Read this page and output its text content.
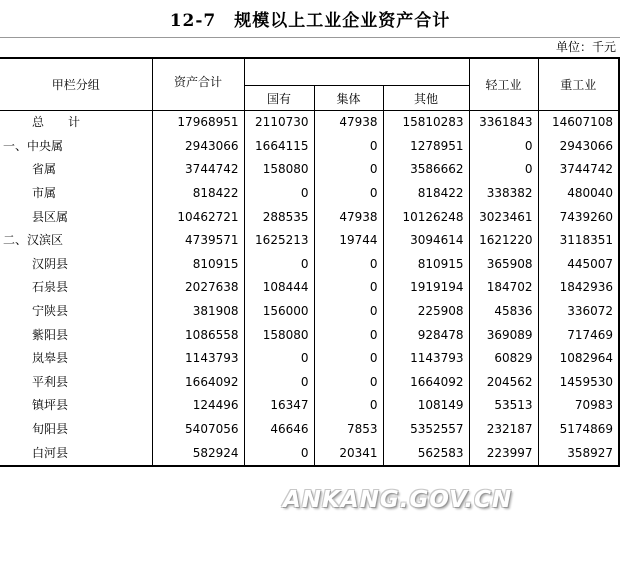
12-7 规模以上工业企业资产合计
单位：千元
甲栏分组	资产合计				轻工业	重工业
		国有	集体	其他		
总　　计	17968951	2110730	47938	15810283	3361843	14607108
一、中央属	2943066	1664115	0	1278951	0	2943066
省属	3744742	158080	0	3586662	0	3744742
市属	818422	0	0	818422	338382	480040
县区属	10462721	288535	47938	10126248	3023461	7439260
二、汉滨区	4739571	1625213	19744	3094614	1621220	3118351
汉阴县	810915	0	0	810915	365908	445007
石泉县	2027638	108444	0	1919194	184702	1842936
宁陕县	381908	156000	0	225908	45836	336072
紫阳县	1086558	158080	0	928478	369089	717469
岚皋县	1143793	0	0	1143793	60829	1082964
平利县	1664092	0	0	1664092	204562	1459530
镇坪县	124496	16347	0	108149	53513	70983
旬阳县	5407056	46646	7853	5352557	232187	5174869
白河县	582924	0	20341	562583	223997	358927
ANKANG.GOV.CN
